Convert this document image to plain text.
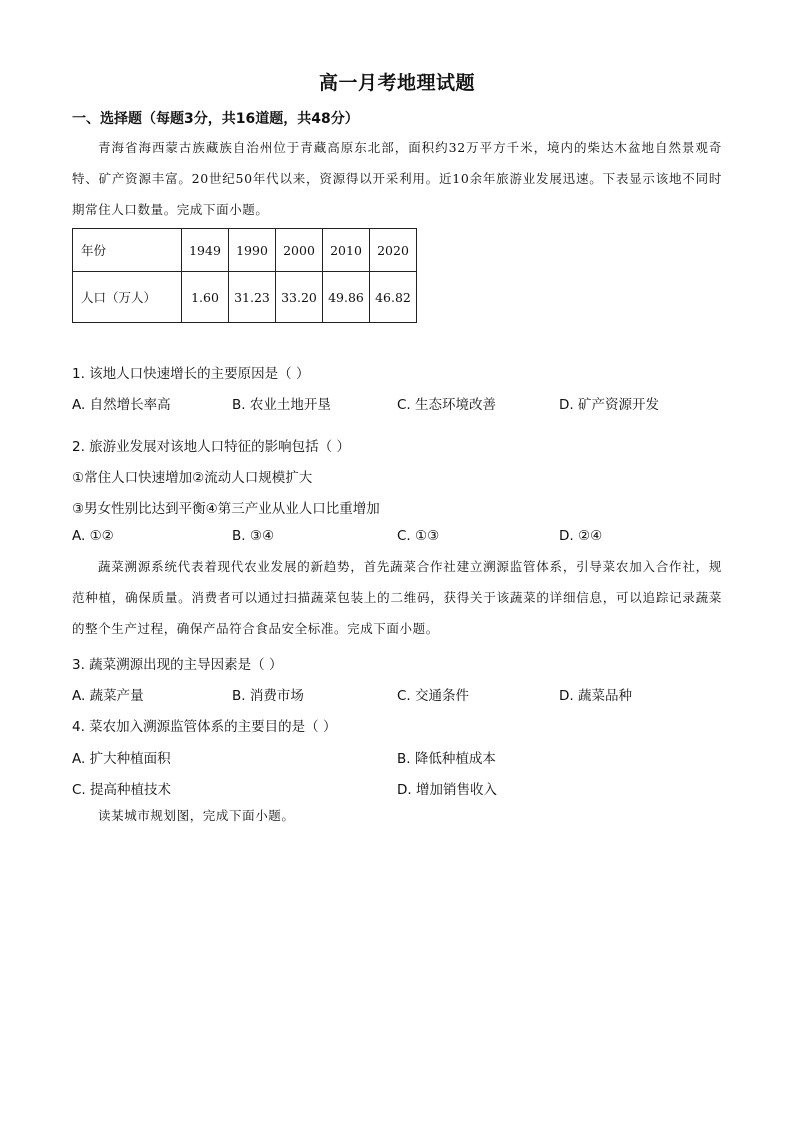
高一月考地理试题
一、选择题（每题3分，共16道题，共48分）
青海省海西蒙古族藏族自治州位于青藏高原东北部，面积约32万平方千米，境内的柴达木盆地自然景观奇特、矿产资源丰富。20世纪50年代以来，资源得以开采利用。近10余年旅游业发展迅速。下表显示该地不同时期常住人口数量。完成下面小题。
年份	1949	1990	2000	2010	2020
人口（万人）	1.60	31.23	33.20	49.86	46.82
1. 该地人口快速增长的主要原因是（ ）
A. 自然增长率高	B. 农业土地开垦	C. 生态环境改善	D. 矿产资源开发
2. 旅游业发展对该地人口特征的影响包括（ ）
①常住人口快速增加②流动人口规模扩大
③男女性别比达到平衡④第三产业从业人口比重增加
A. ①②	B. ③④	C. ①③	D. ②④
蔬菜溯源系统代表着现代农业发展的新趋势，首先蔬菜合作社建立溯源监管体系，引导菜农加入合作社，规范种植，确保质量。消费者可以通过扫描蔬菜包装上的二维码，获得关于该蔬菜的详细信息，可以追踪记录蔬菜的整个生产过程，确保产品符合食品安全标准。完成下面小题。
3. 蔬菜溯源出现的主导因素是（ ）
A. 蔬菜产量	B. 消费市场	C. 交通条件	D. 蔬菜品种
4. 菜农加入溯源监管体系的主要目的是（ ）
A. 扩大种植面积	B. 降低种植成本
C. 提高种植技术	D. 增加销售收入
读某城市规划图，完成下面小题。
